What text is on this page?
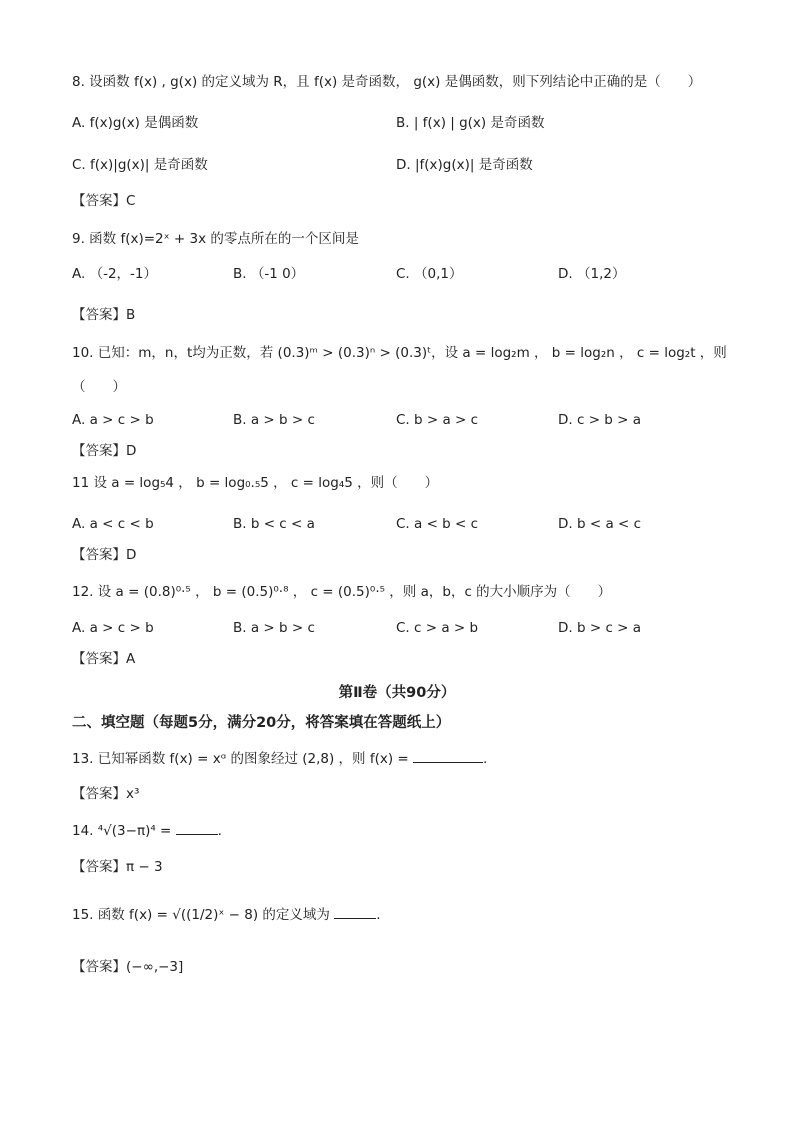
8. 设函数 f(x) , g(x) 的定义域为 R，且 f(x) 是奇函数， g(x) 是偶函数，则下列结论中正确的是（　　）
A. f(x)g(x) 是偶函数	B. | f(x) | g(x) 是奇函数
C. f(x)|g(x)| 是奇函数	D. |f(x)g(x)| 是奇函数
【答案】C
9. 函数 f(x)=2ˣ + 3x 的零点所在的一个区间是
A. （-2，-1）	B. （-1 0）	C. （0,1）	D. （1,2）
【答案】B
10. 已知：m，n，t均为正数，若 (0.3)ᵐ > (0.3)ⁿ > (0.3)ᵗ，设 a = log₂m ， b = log₂n ， c = log₂t ，则
（　　）
A. a > c > b	B. a > b > c	C. b > a > c	D. c > b > a
【答案】D
11 设 a = log₅4 ， b = log₀.₅5 ， c = log₄5 ，则（　　）
A. a < c < b	B. b < c < a	C. a < b < c	D. b < a < c
【答案】D
12. 设 a = (0.8)⁰·⁵ ， b = (0.5)⁰·⁸ ， c = (0.5)⁰·⁵ ，则 a，b，c 的大小顺序为（　　）
A. a > c > b	B. a > b > c	C. c > a > b	D. b > c > a
【答案】A
第Ⅱ卷（共90分）
二、填空题（每题5分，满分20分，将答案填在答题纸上）
13. 已知幂函数 f(x) = xᵅ 的图象经过 (2,8) ，则 f(x) =	.
【答案】x³
14. ⁴√(3−π)⁴ =	.
【答案】π − 3
15. 函数 f(x) = √((1/2)ˣ − 8) 的定义域为	.
【答案】(−∞,−3]
